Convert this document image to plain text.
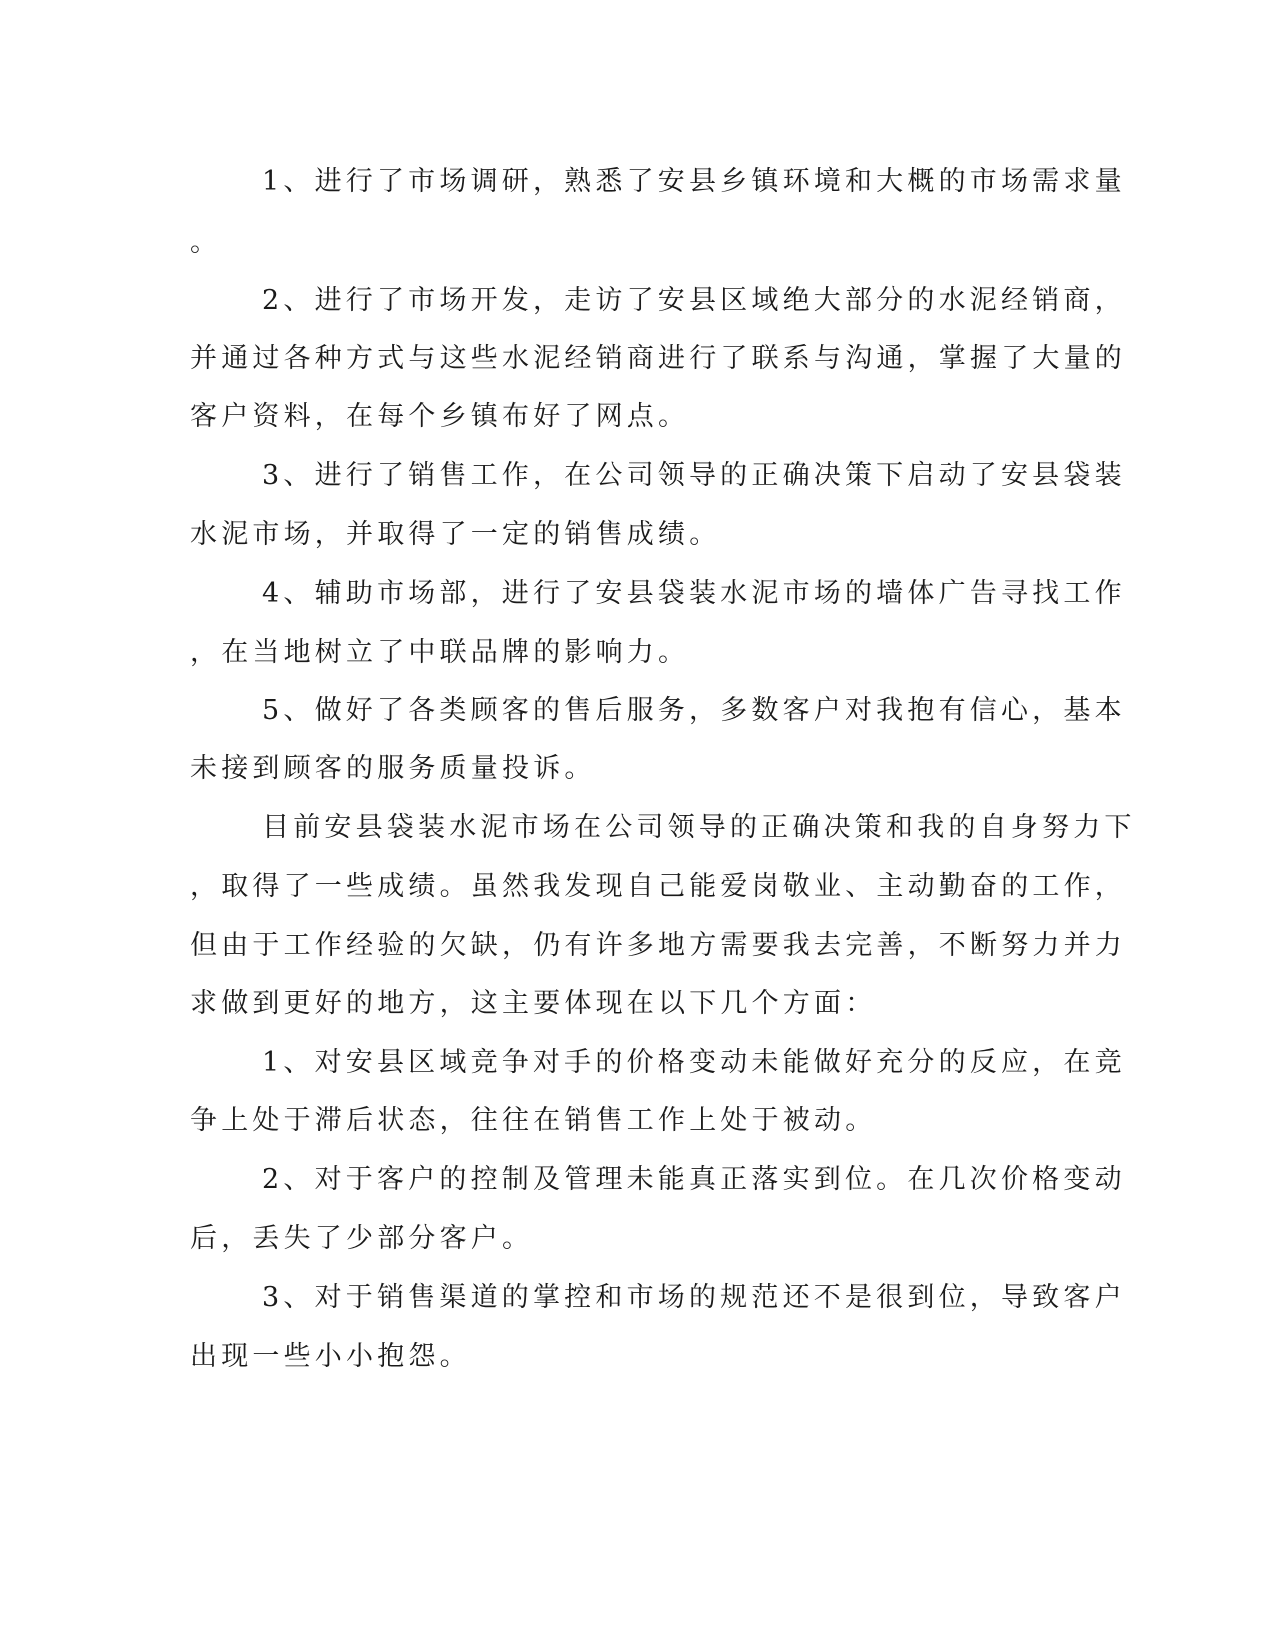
1、进行了市场调研，熟悉了安县乡镇环境和大概的市场需求量

。

2、进行了市场开发，走访了安县区域绝大部分的水泥经销商，

并通过各种方式与这些水泥经销商进行了联系与沟通，掌握了大量的

客户资料，在每个乡镇布好了网点。

3、进行了销售工作，在公司领导的正确决策下启动了安县袋装

水泥市场，并取得了一定的销售成绩。

4、辅助市场部，进行了安县袋装水泥市场的墙体广告寻找工作

，在当地树立了中联品牌的影响力。

5、做好了各类顾客的售后服务，多数客户对我抱有信心，基本

未接到顾客的服务质量投诉。

目前安县袋装水泥市场在公司领导的正确决策和我的自身努力下

，取得了一些成绩。虽然我发现自己能爱岗敬业、主动勤奋的工作，

但由于工作经验的欠缺，仍有许多地方需要我去完善，不断努力并力

求做到更好的地方，这主要体现在以下几个方面：

1、对安县区域竞争对手的价格变动未能做好充分的反应，在竞

争上处于滞后状态，往往在销售工作上处于被动。

2、对于客户的控制及管理未能真正落实到位。在几次价格变动

后，丢失了少部分客户。

3、对于销售渠道的掌控和市场的规范还不是很到位，导致客户

出现一些小小抱怨。
